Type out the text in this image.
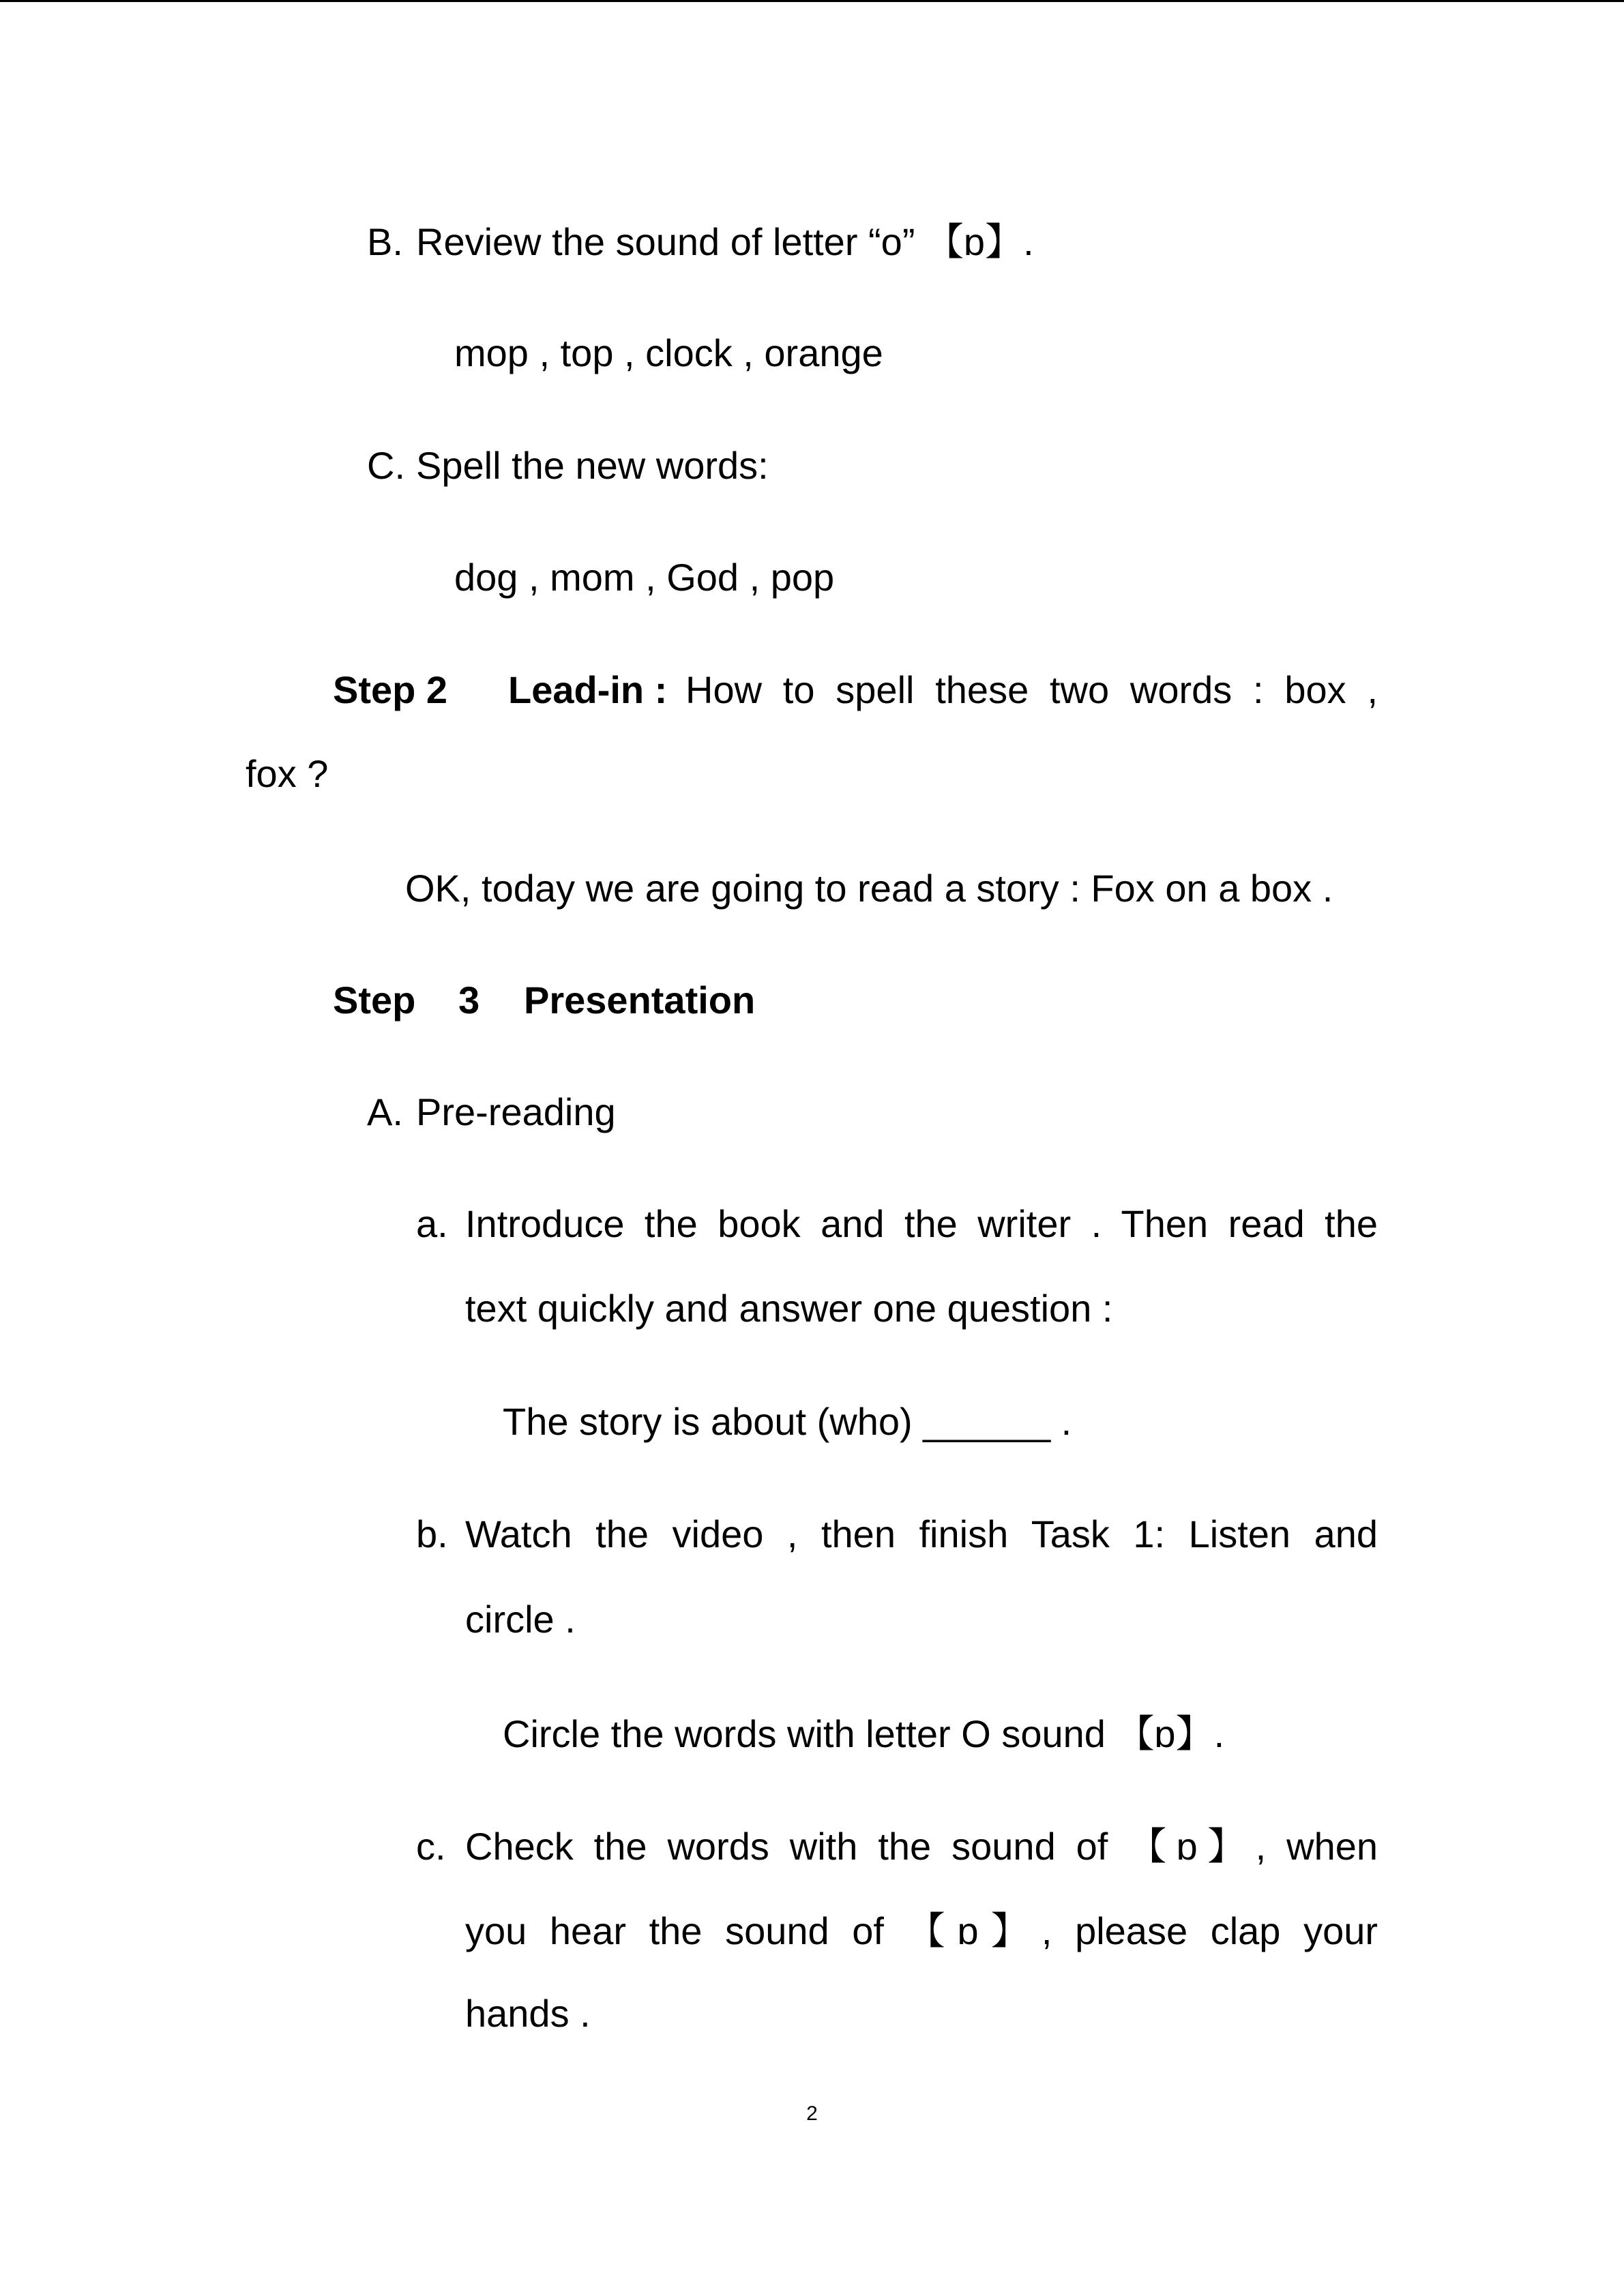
B. Review the sound of letter “o” 【ɒ】.
mop , top , clock , orange
C. Spell the new words:
dog , mom , God , pop
Step 2 Lead-in : How to spell these two words : box ,
fox ?
OK, today we are going to read a story : Fox on a box .
Step 3 Presentation
A. Pre-reading
a. Introduce the book and the writer . Then read the
text quickly and answer one question :
The story is about (who) ______ .
b. Watch the video , then finish Task 1: Listen and
circle .
Circle the words with letter O sound 【ɒ】.
c. Check the words with the sound of 【ɒ】, when
you hear the sound of 【ɒ】, please clap your
hands .
2
